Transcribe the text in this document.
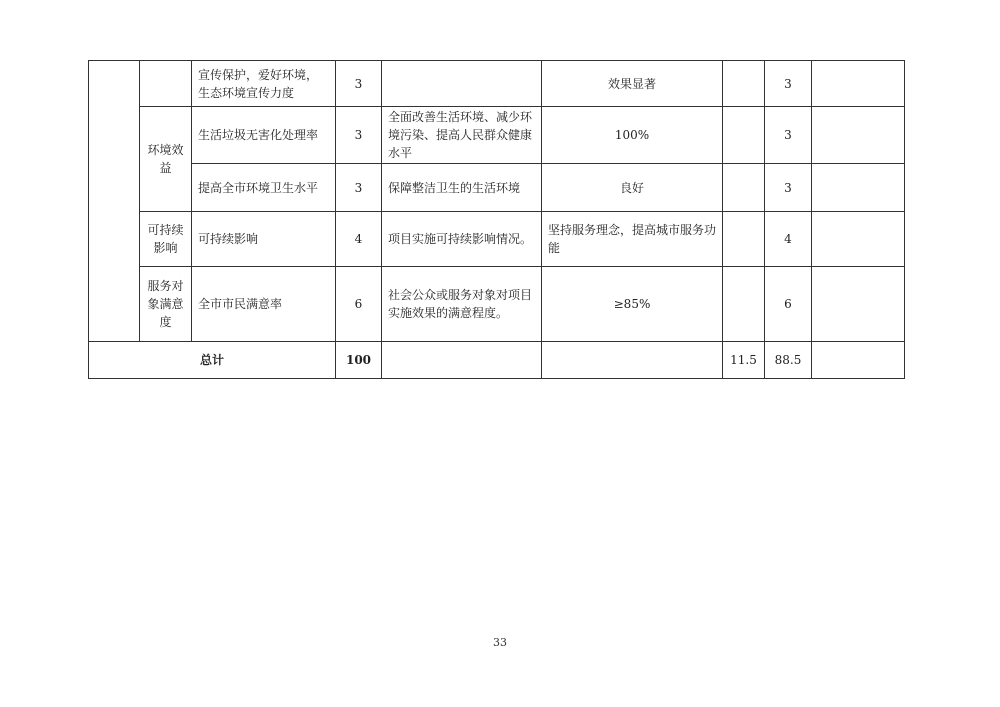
		宣传保护，爱好环境，生态环境宣传力度	3		效果显著		3	
	环境效益	生活垃圾无害化处理率	3	全面改善生活环境、减少环境污染、提高人民群众健康水平	100%		3	
		提高全市环境卫生水平	3	保障整洁卫生的生活环境	良好		3	
	可持续影响	可持续影响	4	项目实施可持续影响情况。	坚持服务理念，提高城市服务功能		4	
	服务对象满意度	全市市民满意率	6	社会公众或服务对象对项目实施效果的满意程度。	≥85%		6	
总计			100			11.5	88.5	
33
